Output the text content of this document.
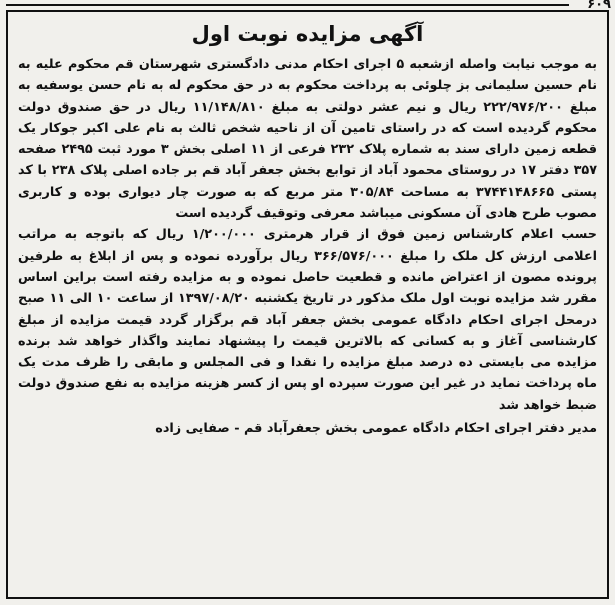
۶۰۹
آگهی مزایده نوبت اول

به موجب نیابت واصله ازشعبه ۵ اجرای احکام مدنی دادگستری شهرستان قم محکوم علیه به نام حسین سلیمانی بز چلوئی به پرداخت محکوم به در حق محکوم له به نام حسن یوسفیه به مبلغ ۲۲۲/۹۷۶/۲۰۰ ریال و نیم عشر دولتی به مبلغ ۱۱/۱۴۸/۸۱۰ ریال در حق صندوق دولت محکوم گردیده است که در راستای تامین آن از ناحیه شخص ثالث به نام علی اکبر جوکار یک قطعه زمین دارای سند به شماره پلاک ۲۳۲ فرعی از ۱۱ اصلی بخش ۳ مورد ثبت ۲۴۹۵ صفحه ۳۵۷ دفتر ۱۷ در روستای محمود آباد از توابع بخش جعفر آباد قم بر جاده اصلی پلاک ۲۳۸ با کد پستی ۳۷۴۴۱۴۸۶۶۵ به مساحت ۳۰۵/۸۴ متر مربع که به صورت چار دیواری بوده و کاربری مصوب طرح هادی آن مسکونی میباشد معرفی وتوقیف گردیده است

حسب اعلام کارشناس زمین فوق از قرار هرمتری ۱/۲۰۰/۰۰۰ ریال که باتوجه به مراتب اعلامی ارزش کل ملک را مبلغ ۳۶۶/۵۷۶/۰۰۰ ریال برآورده نموده و پس از ابلاغ به طرفین پرونده مصون از اعتراض مانده و قطعیت حاصل نموده و به مزایده رفته است براین اساس مقرر شد مزایده نوبت اول ملک مذکور در تاریخ یکشنبه ۱۳۹۷/۰۸/۲۰ از ساعت ۱۰ الی ۱۱ صبح درمحل اجرای احکام دادگاه عمومی بخش جعفر آباد قم برگزار گردد قیمت مزایده از مبلغ کارشناسی آغاز و به کسانی که بالاترین قیمت را پیشنهاد نمایند واگذار خواهد شد برنده مزایده می بایستی ده درصد مبلغ مزایده را نقدا و فی المجلس و مابقی را ظرف مدت یک ماه پرداخت نماید در غیر این صورت سپرده او پس از کسر هزینه مزایده به نفع صندوق دولت ضبط خواهد شد

مدیر دفتر اجرای احکام دادگاه عمومی بخش جعفرآباد قم - صفایی زاده
